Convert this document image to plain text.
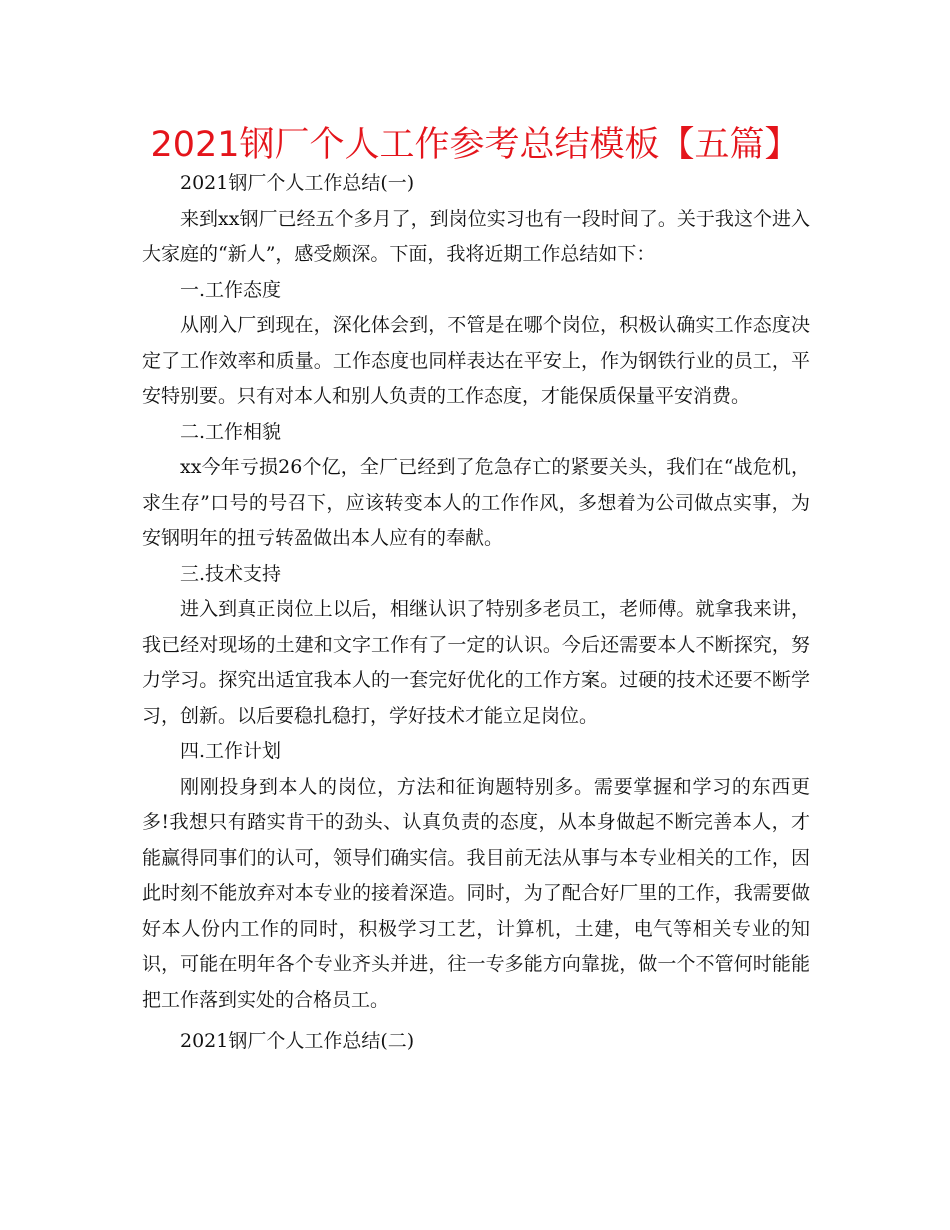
2021钢厂个人工作参考总结模板【五篇】

2021钢厂个人工作总结(一)

来到xx钢厂已经五个多月了，到岗位实习也有一段时间了。关于我这个进入大家庭的“新人”，感受颇深。下面，我将近期工作总结如下：

一.工作态度

从刚入厂到现在，深化体会到，不管是在哪个岗位，积极认确实工作态度决定了工作效率和质量。工作态度也同样表达在平安上，作为钢铁行业的员工，平安特别要。只有对本人和别人负责的工作态度，才能保质保量平安消费。

二.工作相貌

xx今年亏损26个亿，全厂已经到了危急存亡的紧要关头，我们在“战危机，求生存”口号的号召下，应该转变本人的工作作风，多想着为公司做点实事，为安钢明年的扭亏转盈做出本人应有的奉献。

三.技术支持

进入到真正岗位上以后，相继认识了特别多老员工，老师傅。就拿我来讲，我已经对现场的土建和文字工作有了一定的认识。今后还需要本人不断探究，努力学习。探究出适宜我本人的一套完好优化的工作方案。过硬的技术还要不断学习，创新。以后要稳扎稳打，学好技术才能立足岗位。

四.工作计划

刚刚投身到本人的岗位，方法和征询题特别多。需要掌握和学习的东西更多!我想只有踏实肯干的劲头、认真负责的态度，从本身做起不断完善本人，才能赢得同事们的认可，领导们确实信。我目前无法从事与本专业相关的工作，因此时刻不能放弃对本专业的接着深造。同时，为了配合好厂里的工作，我需要做好本人份内工作的同时，积极学习工艺，计算机，土建，电气等相关专业的知识，可能在明年各个专业齐头并进，往一专多能方向靠拢，做一个不管何时能能把工作落到实处的合格员工。

2021钢厂个人工作总结(二)
